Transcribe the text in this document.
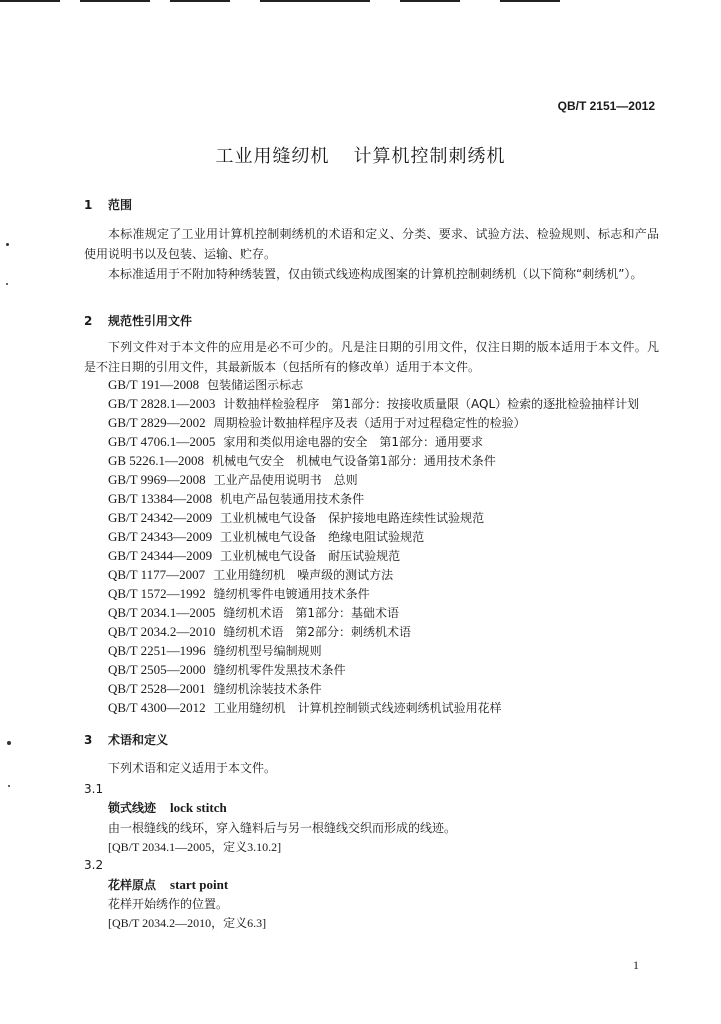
QB/T 2151—2012
工业用缝纫机 计算机控制刺绣机
1 范围

本标准规定了工业用计算机控制刺绣机的术语和定义、分类、要求、试验方法、检验规则、标志和产品使用说明书以及包装、运输、贮存。

本标准适用于不附加特种绣装置，仅由锁式线迹构成图案的计算机控制刺绣机（以下简称“刺绣机”）。

2 规范性引用文件

下列文件对于本文件的应用是必不可少的。凡是注日期的引用文件，仅注日期的版本适用于本文件。凡是不注日期的引用文件，其最新版本（包括所有的修改单）适用于本文件。

GB/T 191—2008 包装储运图示标志
GB/T 2828.1—2003 计数抽样检验程序　第1部分：按接收质量限（AQL）检索的逐批检验抽样计划
GB/T 2829—2002 周期检验计数抽样程序及表（适用于对过程稳定性的检验）
GB/T 4706.1—2005 家用和类似用途电器的安全　第1部分：通用要求
GB 5226.1—2008 机械电气安全　机械电气设备第1部分：通用技术条件
GB/T 9969—2008 工业产品使用说明书　总则
GB/T 13384—2008 机电产品包装通用技术条件
GB/T 24342—2009 工业机械电气设备　保护接地电路连续性试验规范
GB/T 24343—2009 工业机械电气设备　绝缘电阻试验规范
GB/T 24344—2009 工业机械电气设备　耐压试验规范
QB/T 1177—2007 工业用缝纫机　噪声级的测试方法
QB/T 1572—1992 缝纫机零件电镀通用技术条件
QB/T 2034.1—2005 缝纫机术语　第1部分：基础术语
QB/T 2034.2—2010 缝纫机术语　第2部分：刺绣机术语
QB/T 2251—1996 缝纫机型号编制规则
QB/T 2505—2000 缝纫机零件发黑技术条件
QB/T 2528—2001 缝纫机涂装技术条件
QB/T 4300—2012 工业用缝纫机　计算机控制锁式线迹刺绣机试验用花样
3 术语和定义

下列术语和定义适用于本文件。

3.1
锁式线迹 lock stitch
由一根缝线的线环，穿入缝料后与另一根缝线交织而形成的线迹。
[QB/T 2034.1—2005，定义3.10.2]
3.2
花样原点 start point
花样开始绣作的位置。
[QB/T 2034.2—2010，定义6.3]
1
